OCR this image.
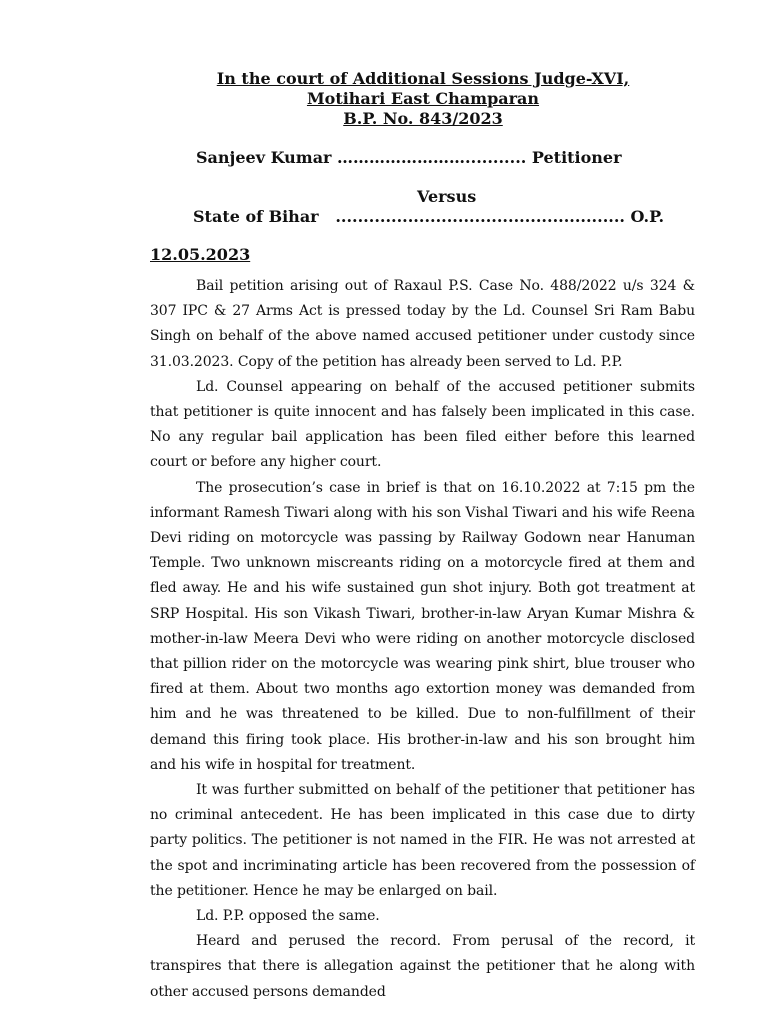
In the court of Additional Sessions Judge-XVI,
Motihari East Champaran
B.P. No. 843/2023
Sanjeev Kumar ……………………........... Petitioner
Versus
State of Bihar   .................................................... O.P.
12.05.2023

Bail petition arising out of Raxaul P.S. Case No. 488/2022 u/s 324 & 307 IPC & 27 Arms Act is pressed today by the Ld. Counsel Sri Ram Babu Singh on behalf of the above named accused petitioner under custody since 31.03.2023. Copy of the petition has already been served to Ld. P.P.

Ld. Counsel appearing on behalf of the accused petitioner submits that petitioner is quite innocent and has falsely been implicated in this case. No any regular bail application has been filed either before this learned court or before any higher court.

The prosecution’s case in brief is that on 16.10.2022 at 7:15 pm the informant Ramesh Tiwari along with his son Vishal Tiwari and his wife Reena Devi riding on motorcycle was passing by Railway Godown near Hanuman Temple. Two unknown miscreants riding on a motorcycle fired at them and fled away. He and his wife sustained gun shot injury. Both got treatment at SRP Hospital. His son Vikash Tiwari, brother-in-law Aryan Kumar Mishra & mother-in-law Meera Devi who were riding on another motorcycle disclosed that pillion rider on the motorcycle was wearing pink shirt, blue trouser who fired at them. About two months ago extortion money was demanded from him and he was threatened to be killed. Due to non-fulfillment of their demand this firing took place. His brother-in-law and his son brought him and his wife in hospital for treatment.

It was further submitted on behalf of the petitioner that petitioner has no criminal antecedent. He has been implicated in this case due to dirty party politics. The petitioner is not named in the FIR. He was not arrested at the spot and incriminating article has been recovered from the possession of the petitioner. Hence he may be enlarged on bail.

Ld. P.P. opposed the same.

Heard and perused the record. From perusal of the record, it transpires that there is allegation against the petitioner that he along with other accused persons demanded
